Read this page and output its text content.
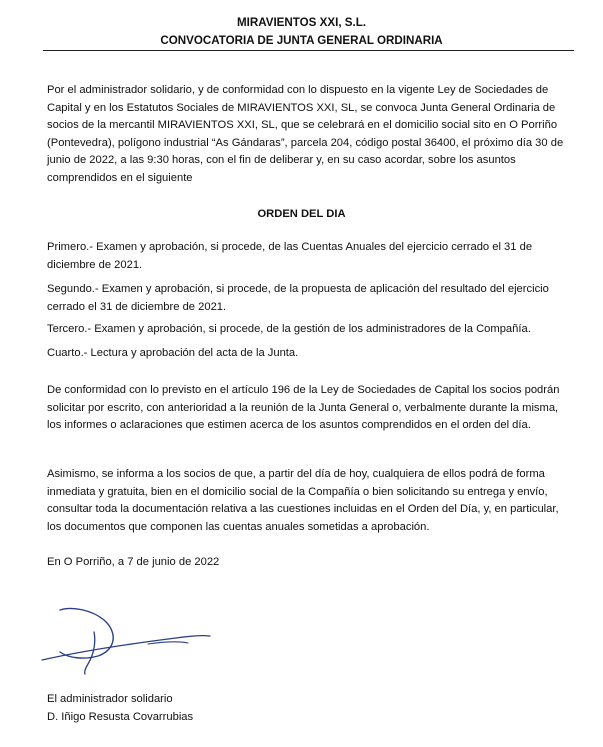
MIRAVIENTOS XXI, S.L.
CONVOCATORIA DE JUNTA GENERAL ORDINARIA

Por el administrador solidario, y de conformidad con lo dispuesto en la vigente Ley de Sociedades de Capital y en los Estatutos Sociales de MIRAVIENTOS XXI, SL, se convoca Junta General Ordinaria de socios de la mercantil MIRAVIENTOS XXI, SL, que se celebrará en el domicilio social sito en O Porriño (Pontevedra), polígono industrial “As Gándaras”, parcela 204, código postal 36400, el próximo día 30 de junio de 2022, a las 9:30 horas, con el fin de deliberar y, en su caso acordar, sobre los asuntos comprendidos en el siguiente

ORDEN DEL DIA

Primero.- Examen y aprobación, si procede, de las Cuentas Anuales del ejercicio cerrado el 31 de diciembre de 2021.

Segundo.- Examen y aprobación, si procede, de la propuesta de aplicación del resultado del ejercicio cerrado el 31 de diciembre de 2021.

Tercero.- Examen y aprobación, si procede, de la gestión de los administradores de la Compañía.

Cuarto.- Lectura y aprobación del acta de la Junta.

De conformidad con lo previsto en el artículo 196 de la Ley de Sociedades de Capital los socios podrán solicitar por escrito, con anterioridad a la reunión de la Junta General o, verbalmente durante la misma, los informes o aclaraciones que estimen acerca de los asuntos comprendidos en el orden del día.

Asimismo, se informa a los socios de que, a partir del día de hoy, cualquiera de ellos podrá de forma inmediata y gratuita, bien en el domicilio social de la Compañía o bien solicitando su entrega y envío, consultar toda la documentación relativa a las cuestiones incluidas en el Orden del Día, y, en particular, los documentos que componen las cuentas anuales sometidas a aprobación.

En O Porriño, a 7 de junio de 2022

El administrador solidario
D. Iñigo Resusta Covarrubias
